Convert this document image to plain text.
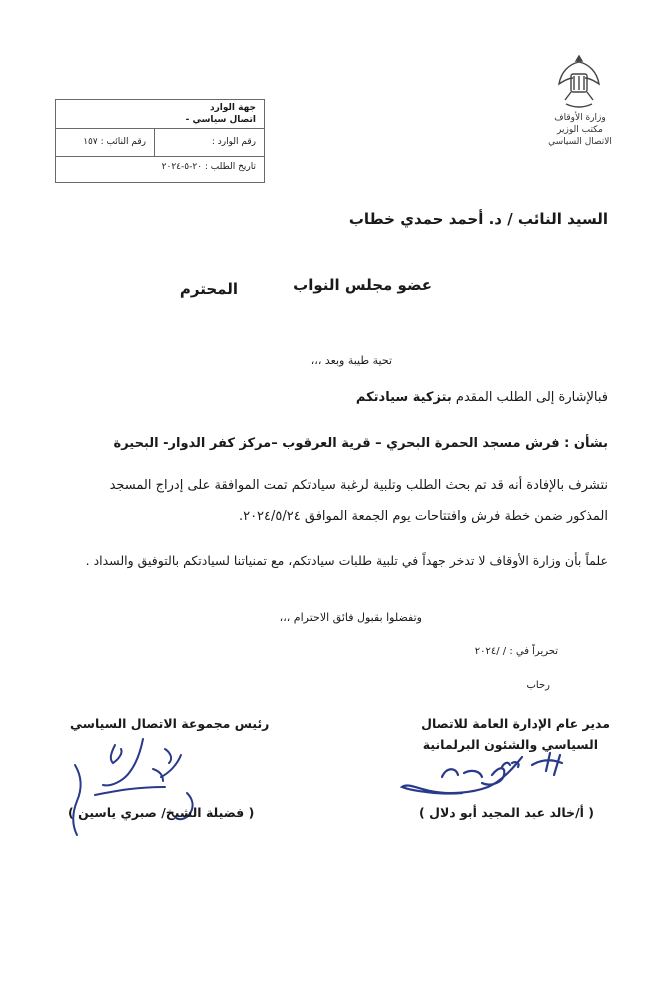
وزارة الأوقاف
مكتب الوزير
الاتصال السياسي
جهة الوارد
اتصال سياسي -
رقم الوارد :
رقم النائب : ١٥٧
تاريخ الطلب : ٢٠-٥-٢٠٢٤
السيد النائب / د. أحمد حمدي خطاب
عضو مجلس النواب
المحترم
تحية طيبة وبعد ،،،
فبالإشارة إلى الطلب المقدم بتزكية سيادتكم
بشأن : فرش مسجد الحمرة البحري – قرية العرقوب –مركز كفر الدوار- البحيرة
نتشرف بالإفادة أنه قد تم بحث الطلب وتلبية لرغبة سيادتكم تمت الموافقة على إدراج المسجد
المذكور ضمن خطة فرش وافتتاحات يوم الجمعة الموافق ٢٠٢٤/٥/٢٤.
علماً بأن وزارة الأوقاف لا تدخر جهداً في تلبية طلبات سيادتكم، مع تمنياتنا لسيادتكم بالتوفيق والسداد .
وتفضلوا بقبول فائق الاحترام ،،،
تحريراً في : / /٢٠٢٤
رحاب
مدير عام الإدارة العامة للاتصال
السياسي والشئون البرلمانية
( أ/خالد عبد المجيد أبو دلال )
رئيس مجموعة الاتصال السياسي
( فضيلة الشيخ/ صبري ياسين )
